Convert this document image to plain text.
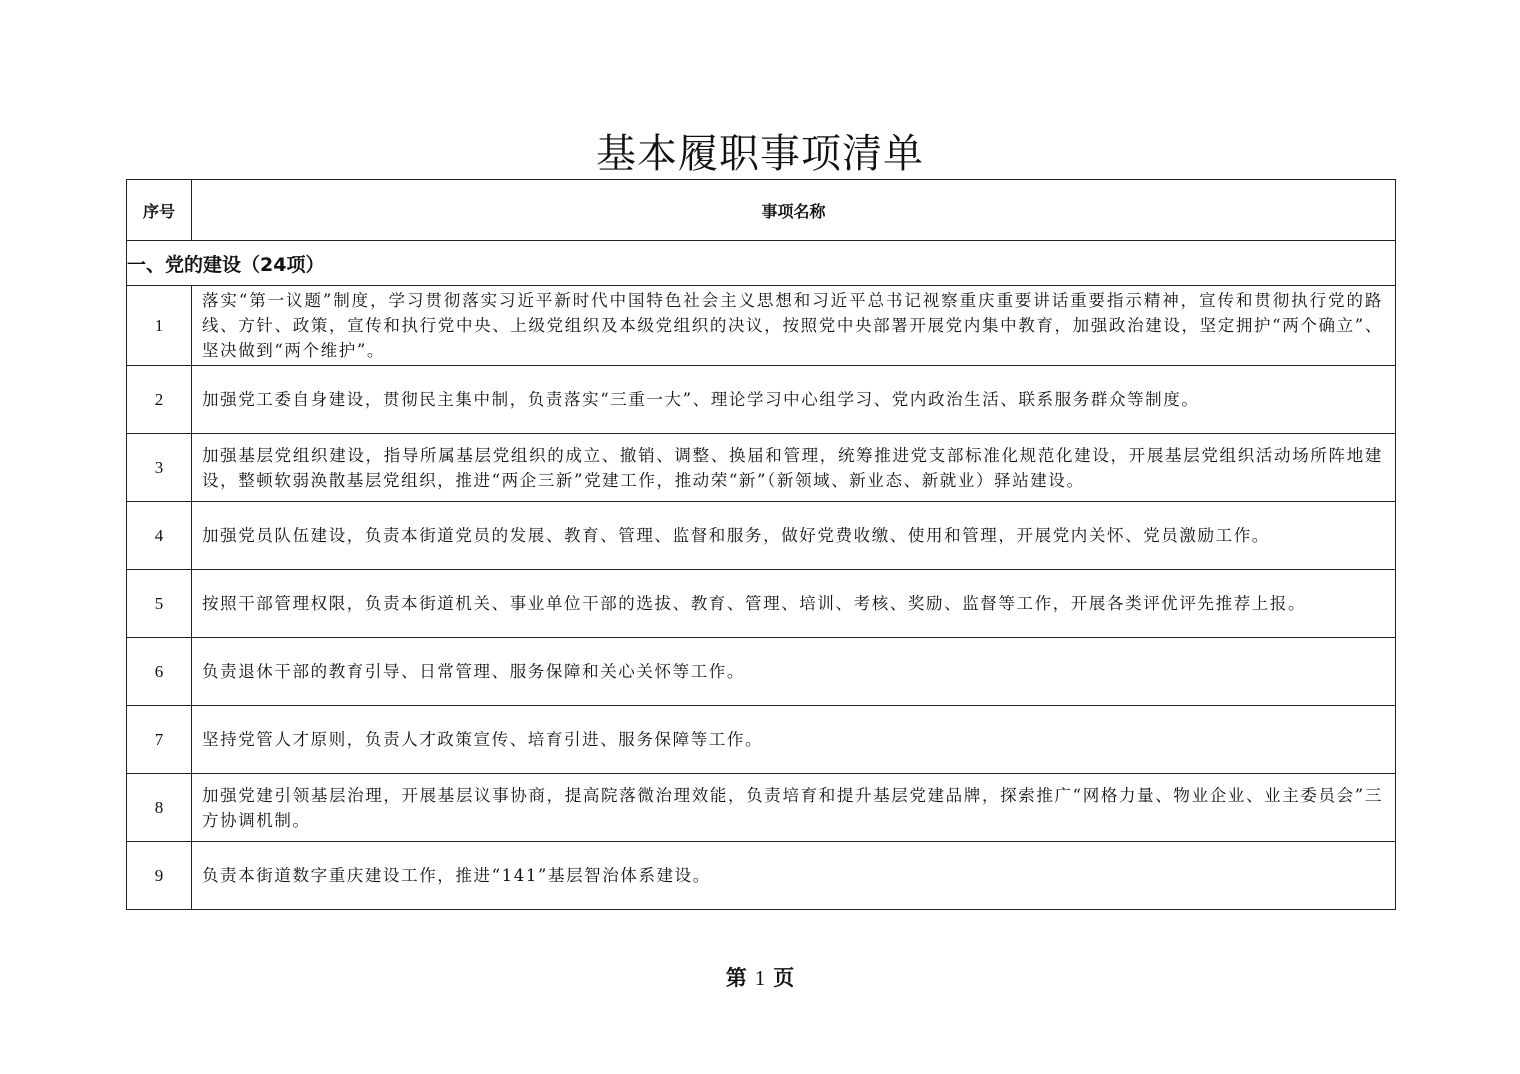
基本履职事项清单
序号	事项名称
一、党的建设（24项）	
1	落实“第一议题”制度，学习贯彻落实习近平新时代中国特色社会主义思想和习近平总书记视察重庆重要讲话重要指示精神，宣传和贯彻执行党的路线、方针、政策，宣传和执行党中央、上级党组织及本级党组织的决议，按照党中央部署开展党内集中教育，加强政治建设，坚定拥护“两个确立”、坚决做到“两个维护”。
2	加强党工委自身建设，贯彻民主集中制，负责落实“三重一大”、理论学习中心组学习、党内政治生活、联系服务群众等制度。
3	加强基层党组织建设，指导所属基层党组织的成立、撤销、调整、换届和管理，统筹推进党支部标准化规范化建设，开展基层党组织活动场所阵地建设，整顿软弱涣散基层党组织，推进“两企三新”党建工作，推动荣“新”（新领域、新业态、新就业）驿站建设。
4	加强党员队伍建设，负责本街道党员的发展、教育、管理、监督和服务，做好党费收缴、使用和管理，开展党内关怀、党员激励工作。
5	按照干部管理权限，负责本街道机关、事业单位干部的选拔、教育、管理、培训、考核、奖励、监督等工作，开展各类评优评先推荐上报。
6	负责退休干部的教育引导、日常管理、服务保障和关心关怀等工作。
7	坚持党管人才原则，负责人才政策宣传、培育引进、服务保障等工作。
8	加强党建引领基层治理，开展基层议事协商，提高院落微治理效能，负责培育和提升基层党建品牌，探索推广“网格力量、物业企业、业主委员会”三方协调机制。
9	负责本街道数字重庆建设工作，推进“141”基层智治体系建设。
第 1 页
